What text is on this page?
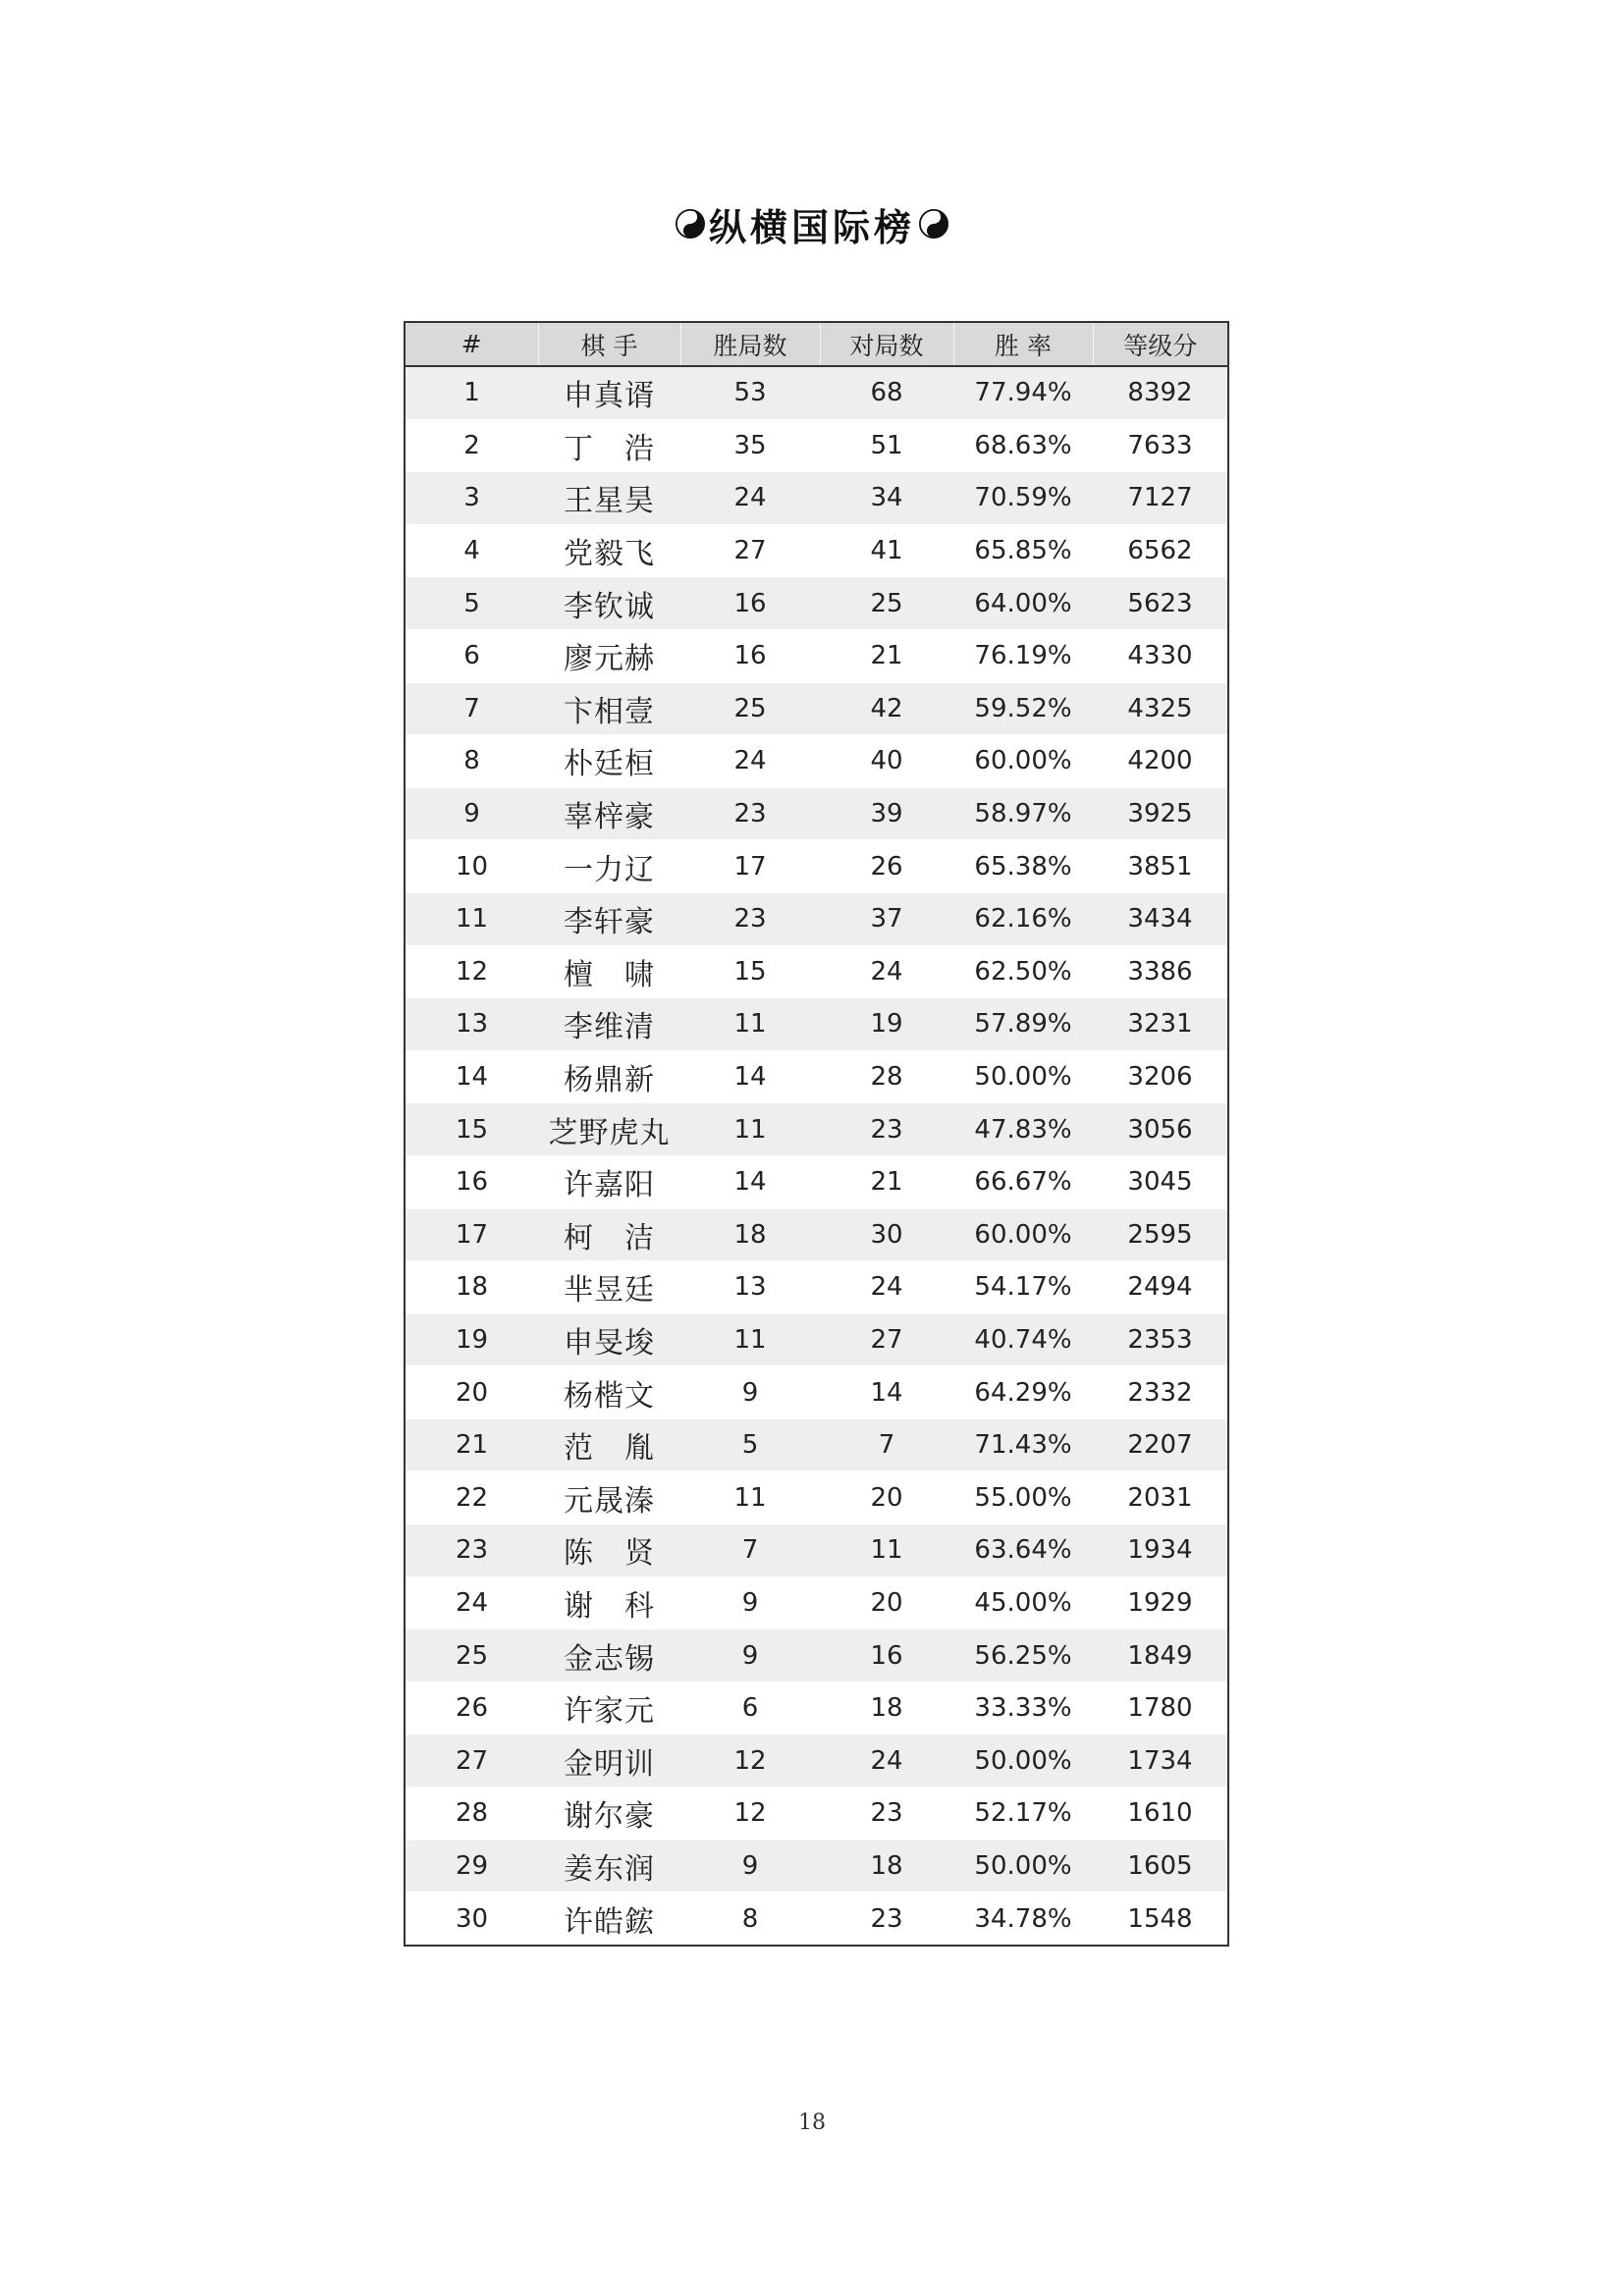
纵横国际榜
#	棋 手	胜局数	对局数	胜 率	等级分
1	申真谞	53	68	77.94%	8392
2	丁　浩	35	51	68.63%	7633
3	王星昊	24	34	70.59%	7127
4	党毅飞	27	41	65.85%	6562
5	李钦诚	16	25	64.00%	5623
6	廖元赫	16	21	76.19%	4330
7	卞相壹	25	42	59.52%	4325
8	朴廷桓	24	40	60.00%	4200
9	辜梓豪	23	39	58.97%	3925
10	一力辽	17	26	65.38%	3851
11	李轩豪	23	37	62.16%	3434
12	檀　啸	15	24	62.50%	3386
13	李维清	11	19	57.89%	3231
14	杨鼎新	14	28	50.00%	3206
15	芝野虎丸	11	23	47.83%	3056
16	许嘉阳	14	21	66.67%	3045
17	柯　洁	18	30	60.00%	2595
18	芈昱廷	13	24	54.17%	2494
19	申旻埈	11	27	40.74%	2353
20	杨楷文	9	14	64.29%	2332
21	范　胤	5	7	71.43%	2207
22	元晟溱	11	20	55.00%	2031
23	陈　贤	7	11	63.64%	1934
24	谢　科	9	20	45.00%	1929
25	金志锡	9	16	56.25%	1849
26	许家元	6	18	33.33%	1780
27	金明训	12	24	50.00%	1734
28	谢尔豪	12	23	52.17%	1610
29	姜东润	9	18	50.00%	1605
30	许皓鋐	8	23	34.78%	1548
18
